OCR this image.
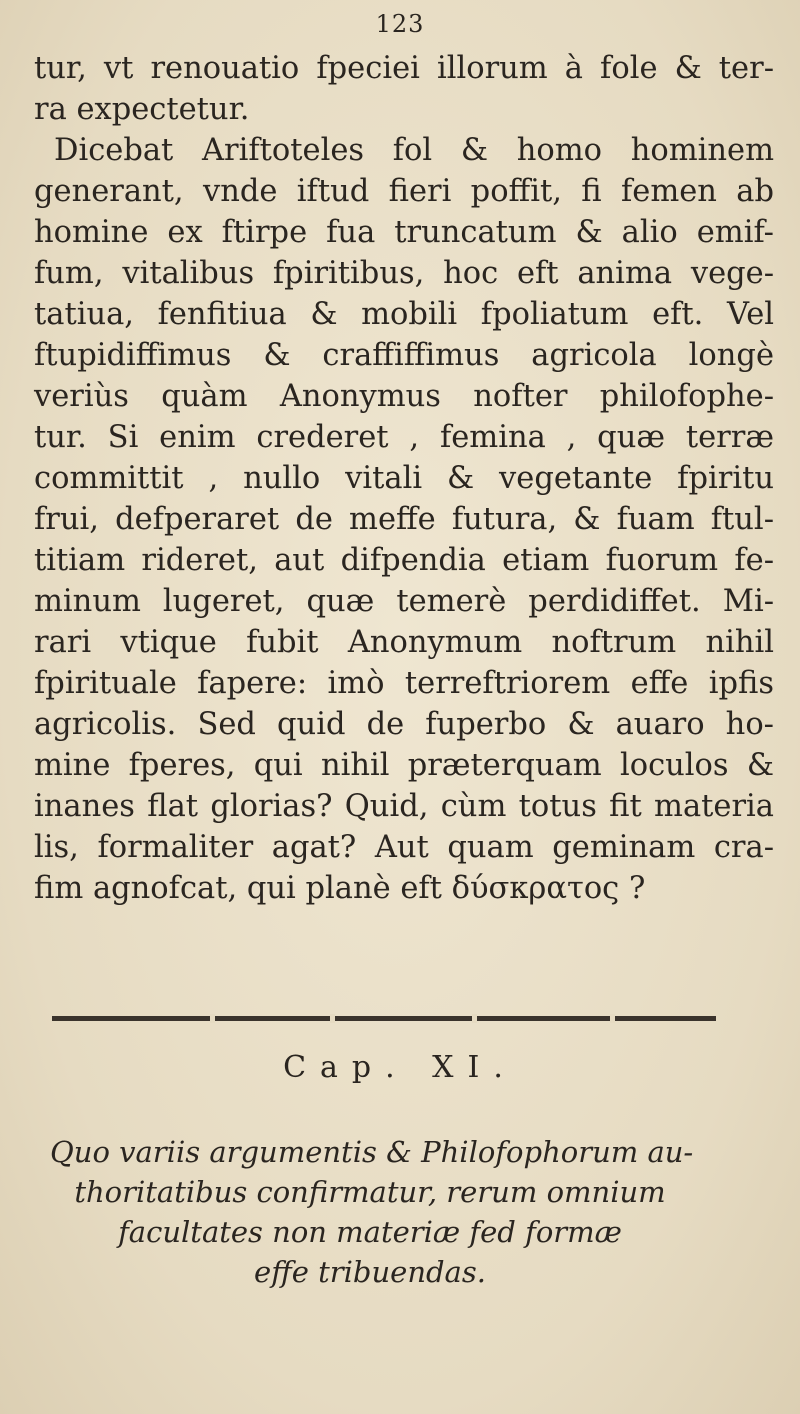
123
tur, vt renouatio fpeciei illorum à fole & ter-
ra expectetur.
Dicebat Ariftoteles fol & homo hominem
generant, vnde iftud fieri poffit, fi femen ab
homine ex ftirpe fua truncatum & alio emif-
fum, vitalibus fpiritibus, hoc eft anima vege-
tatiua, fenfitiua & mobili fpoliatum eft. Vel
ftupidiffimus & craffiffimus agricola longè
veriùs quàm Anonymus nofter philofophe-
tur. Si enim crederet , femina , quæ terræ
committit , nullo vitali & vegetante fpiritu
frui, defperaret de meffe futura, & fuam ftul-
titiam rideret, aut difpendia etiam fuorum fe-
minum lugeret, quæ temerè perdidiffet. Mi-
rari vtique fubit Anonymum noftrum nihil
fpirituale fapere: imò terreftriorem effe ipfis
agricolis. Sed quid de fuperbo & auaro ho-
mine fperes, qui nihil præterquam loculos &
inanes flat glorias? Quid, cùm totus fit materia
lis, formaliter agat? Aut quam geminam cra-
fim agnofcat, qui planè eft δύσκρατος ?
Cap. XI.
Quo variis argumentis & Philofophorum au-
thoritatibus confirmatur, rerum omnium
facultates non materiæ fed formæ
effe tribuendas.
